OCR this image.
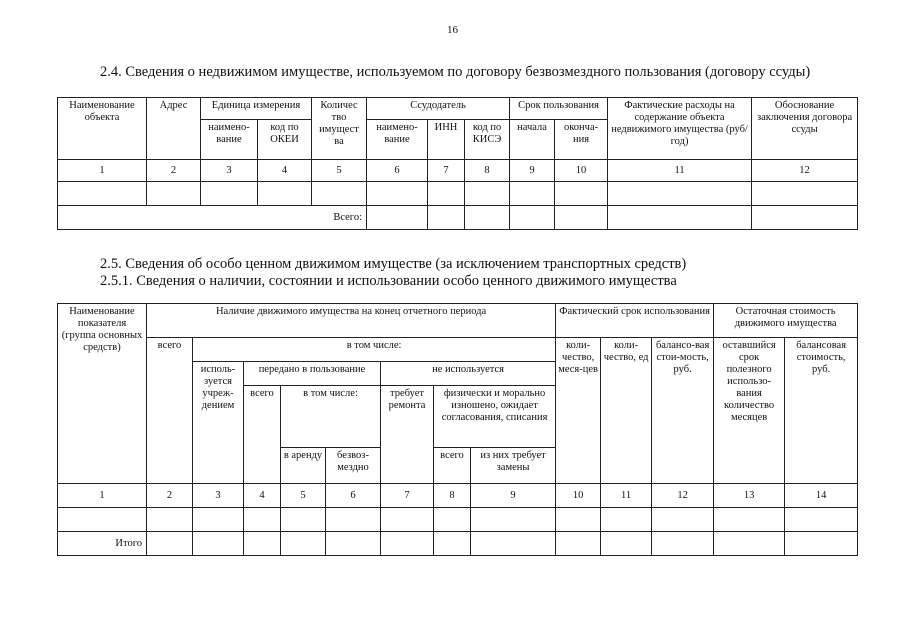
16
2.4. Сведения о недвижимом имуществе, используемом по договору безвозмездного пользования (договору ссуды)
Наименование объекта	Адрес	Единица измерения		Количес тво имущест ва	Ссудодатель			Срок пользования		Фактические расходы на содержание объекта недвижимого имущества (руб/год)	Обоснование заключения договора ссуды
		наимено-вание	код по ОКЕИ		наимено-вание	ИНН	код по КИСЭ	начала	оконча-ния		
1	2	3	4	5	6	7	8	9	10	11	12

Всего:											
2.5. Сведения об особо ценном движимом имуществе (за исключением транспортных средств)
2.5.1. Сведения о наличии, состоянии и использовании особо ценного движимого имущества
Наименование показателя (группа основных средств)	Наличие движимого имущества на конец отчетного периода								Фактический срок использования			Остаточная стоимость движимого имущества	
	всего	в том числе:							коли-чество, меся-цев	коли-чество, ед	балансо-вая стои-мость, руб.	оставшийся срок полезного использо-вания количество месяцев	балансовая стоимость, руб.
		исполь-зуется учреж-дением	передано в пользование			не используется							
			всего	в том числе:		требует ремонта	физически и морально изношено, ожидает согласования, списания						
				в аренду	безвоз-мездно		всего	из них требует замены					
1	2	3	4	5	6	7	8	9	10	11	12	13	14

Итого													
